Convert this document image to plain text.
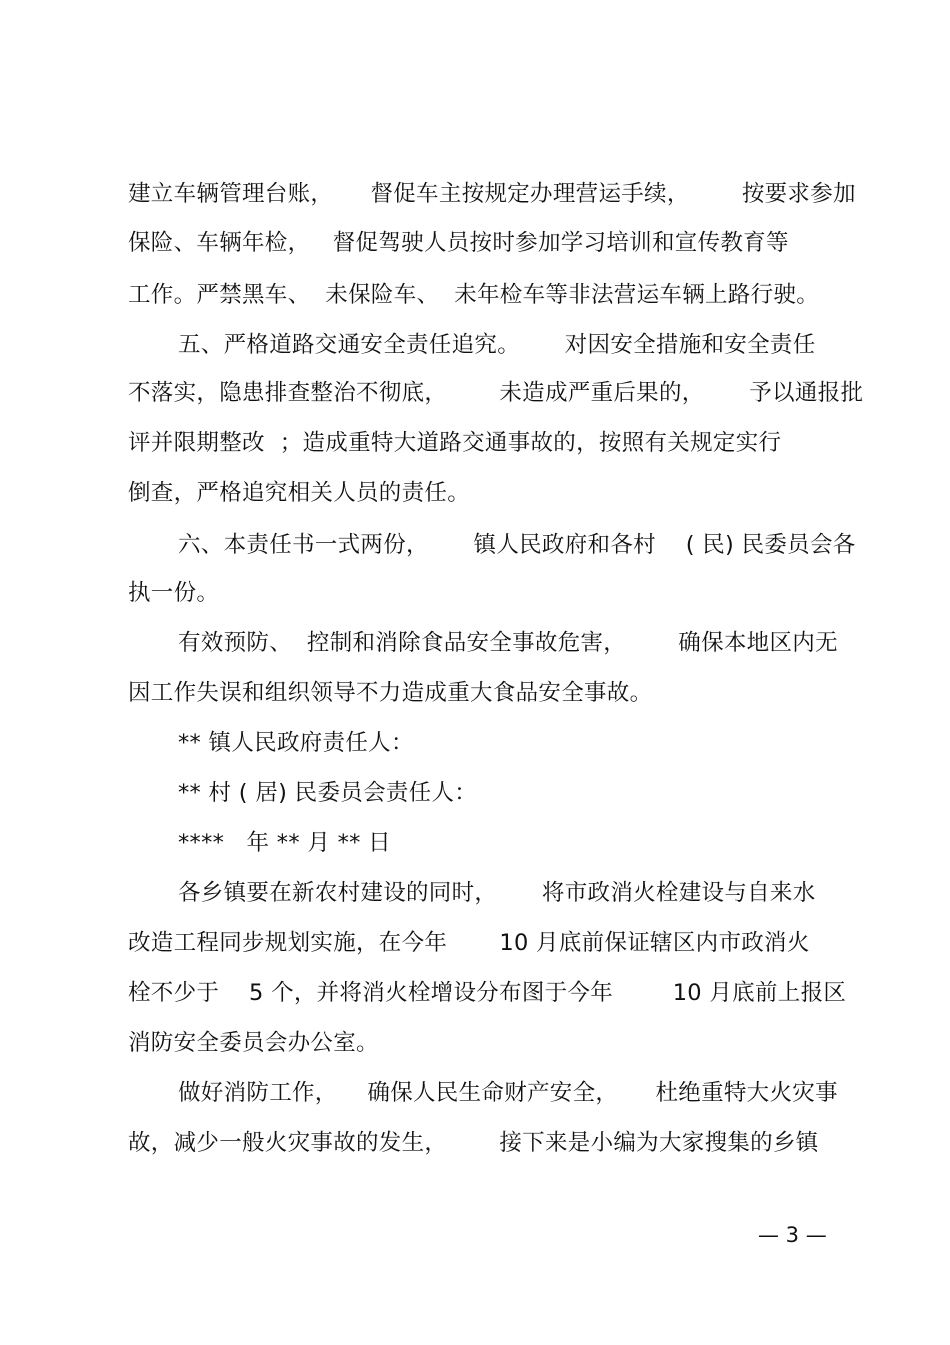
建立车辆管理台账，     督促车主按规定办理营运手续，       按要求参加
保险、车辆年检，   督促驾驶人员按时参加学习培训和宣传教育等
工作。严禁黑车、  未保险车、  未年检车等非法营运车辆上路行驶。
五、严格道路交通安全责任追究。      对因安全措施和安全责任
不落实，隐患排查整治不彻底，       未造成严重后果的，      予以通报批
评并限期整改  ；造成重特大道路交通事故的，按照有关规定实行
倒查，严格追究相关人员的责任。
六、本责任书一式两份，      镇人民政府和各村    ( 民) 民委员会各
执一份。
有效预防、  控制和消除食品安全事故危害，       确保本地区内无
因工作失误和组织领导不力造成重大食品安全事故。
** 镇人民政府责任人：
** 村 ( 居) 民委员会责任人：
****   年 ** 月 ** 日
各乡镇要在新农村建设的同时，      将市政消火栓建设与自来水
改造工程同步规划实施，在今年       10 月底前保证辖区内市政消火
栓不少于    5 个，并将消火栓增设分布图于今年        10 月底前上报区
消防安全委员会办公室。
做好消防工作，    确保人民生命财产安全，     杜绝重特大火灾事
故，减少一般火灾事故的发生，       接下来是小编为大家搜集的乡镇
— 3 —
